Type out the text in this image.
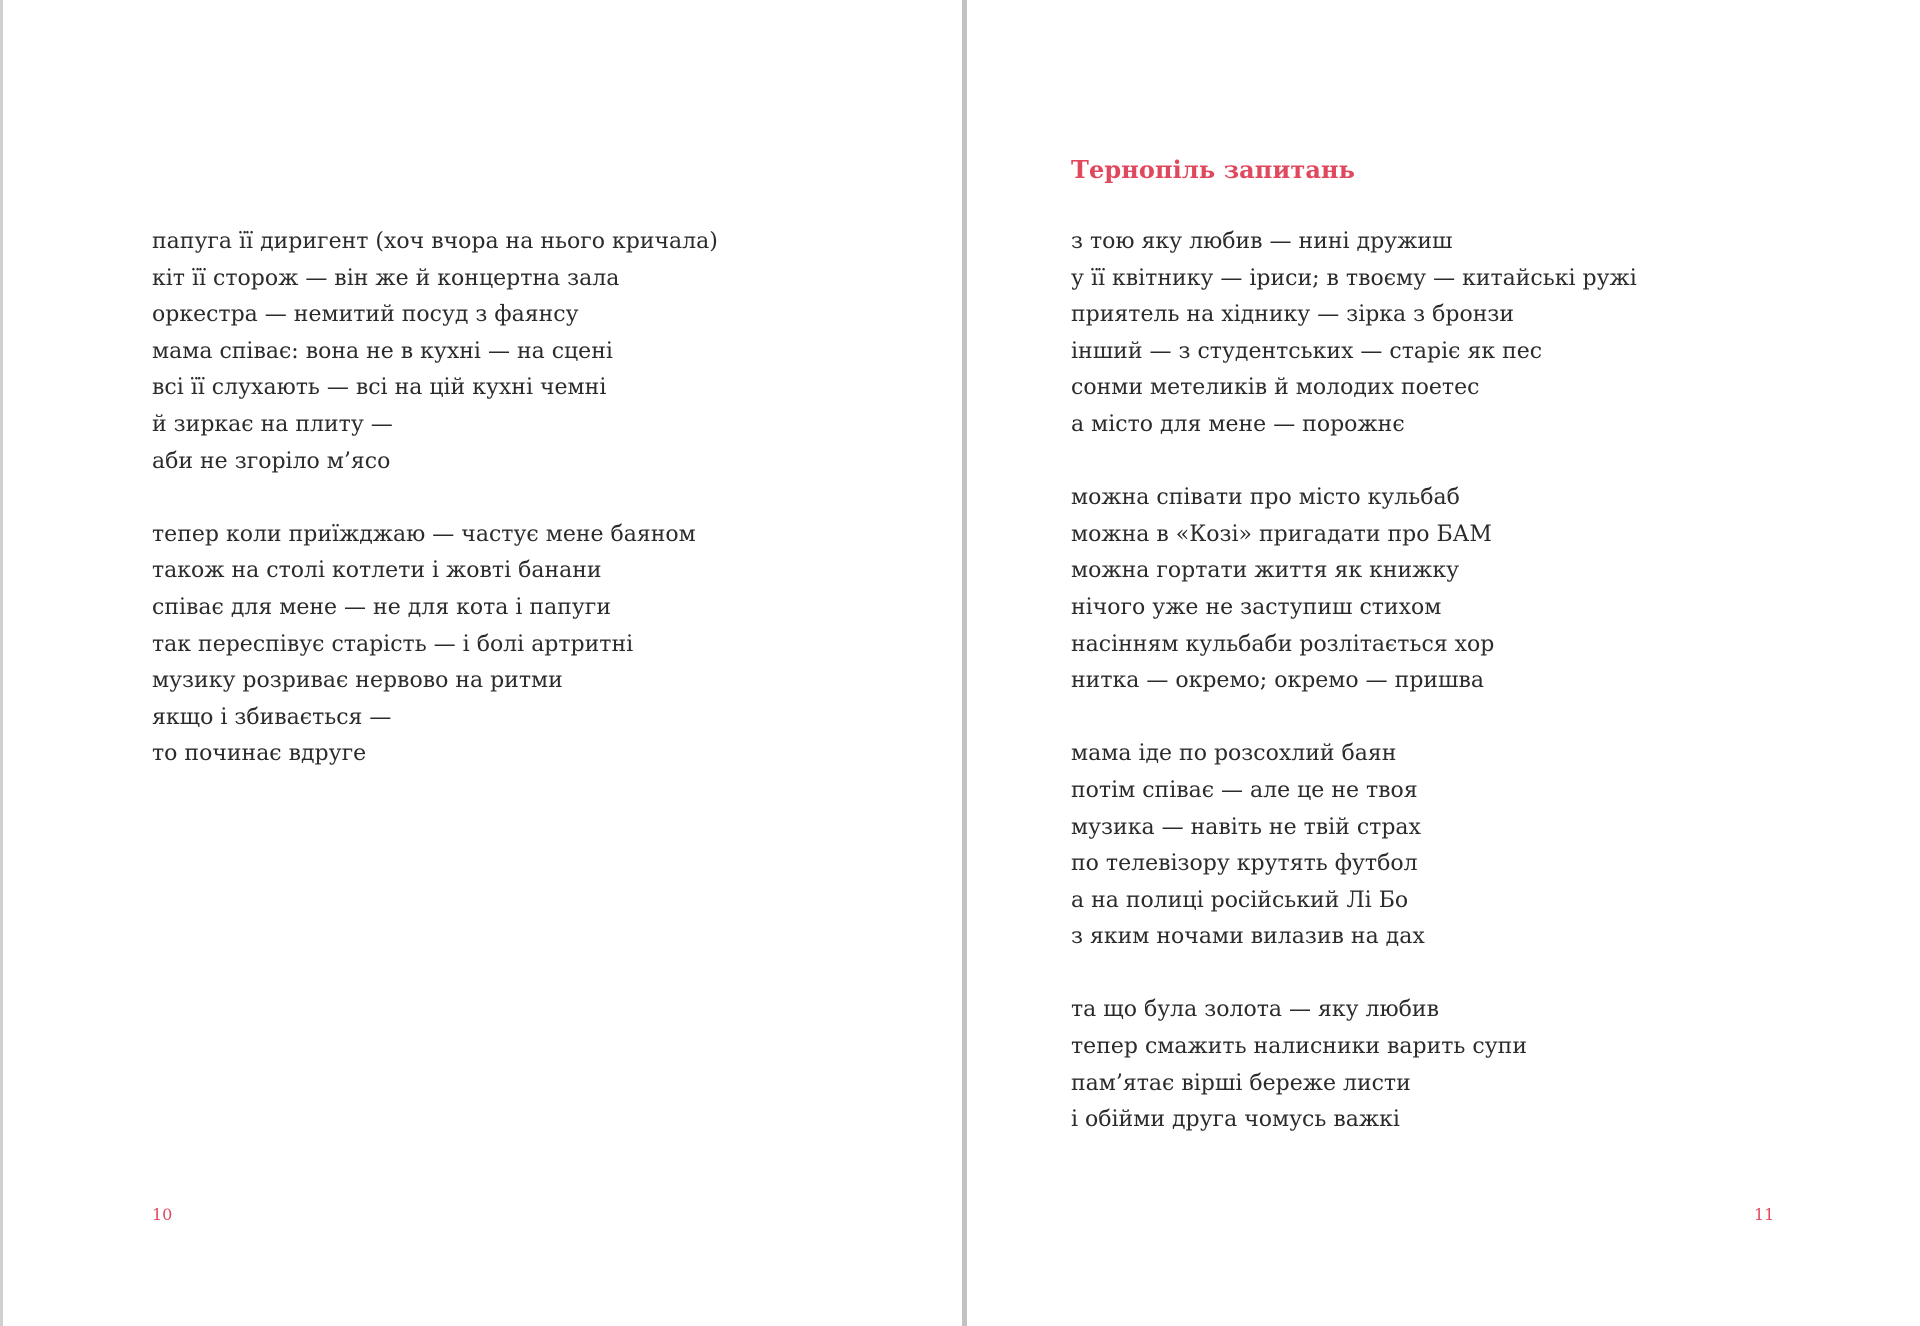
папуга її диригент (хоч вчора на нього кричала)
кіт її сторож — він же й концертна зала
оркестра — немитий посуд з фаянсу
мама співає: вона не в кухні — на сцені
всі її слухають — всі на цій кухні чемні
й зиркає на плиту —
аби не згоріло м’ясо
тепер коли приїжджаю — частує мене баяном
також на столі котлети і жовті банани
співає для мене — не для кота і папуги
так переспівує старість — і болі артритні
музику розриває нервово на ритми
якщо і збивається —
то починає вдруге
10
Тернопіль запитань
з тою яку любив — нині дружиш
у її квітнику — іриси; в твоєму — китайські ружі
приятель на хіднику — зірка з бронзи
інший — з студентських — старіє як пес
сонми метеликів й молодих поетес
а місто для мене — порожнє
можна співати про місто кульбаб
можна в «Козі» пригадати про БАМ
можна гортати життя як книжку
нічого уже не заступиш стихом
насінням кульбаби розлітається хор
нитка — окремо; окремо — пришва
мама іде по розсохлий баян
потім співає — але це не твоя
музика — навіть не твій страх
по телевізору крутять футбол
а на полиці російський Лі Бо
з яким ночами вилазив на дах
та що була золота — яку любив
тепер смажить налисники варить супи
пам’ятає вірші береже листи
і обійми друга чомусь важкі
11
